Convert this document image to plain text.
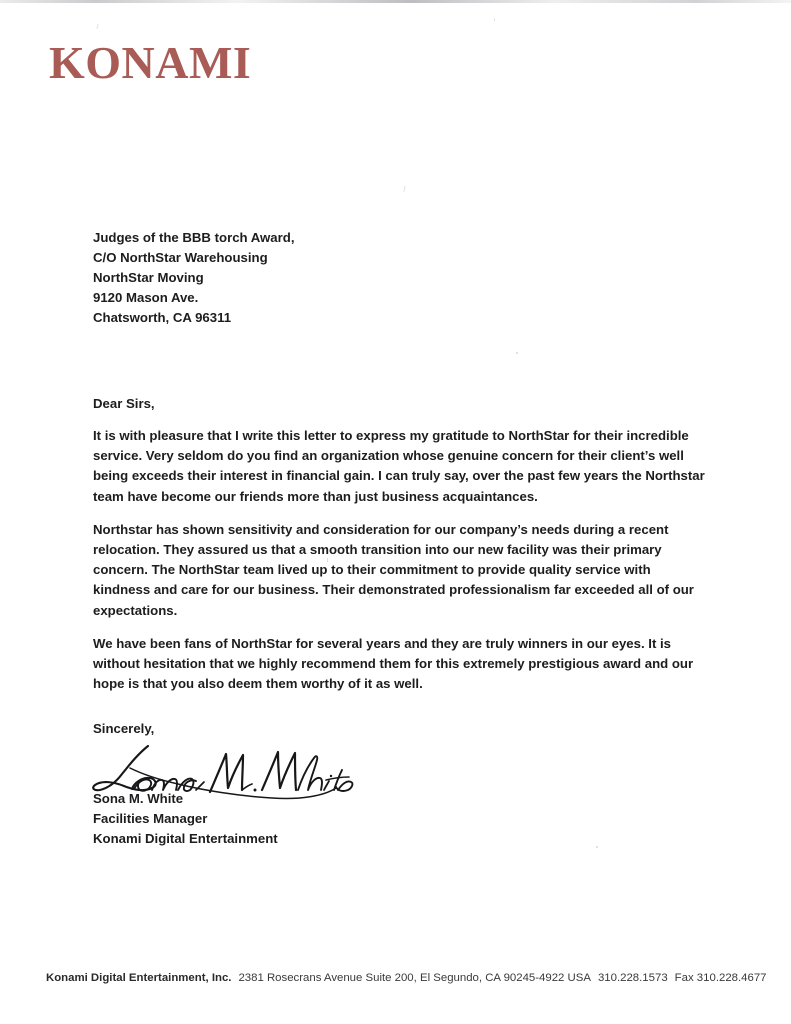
KONAMI
Judges of the BBB torch Award,
C/O NorthStar Warehousing
NorthStar Moving
9120 Mason Ave.
Chatsworth, CA 96311
Dear Sirs,

It is with pleasure that I write this letter to express my gratitude to NorthStar for their incredible service. Very seldom do you find an organization whose genuine concern for their client’s well being exceeds their interest in financial gain. I can truly say, over the past few years the Northstar team have become our friends more than just business acquaintances.

Northstar has shown sensitivity and consideration for our company’s needs during a recent relocation. They assured us that a smooth transition into our new facility was their primary concern. The NorthStar team lived up to their commitment to provide quality service with kindness and care for our business. Their demonstrated professionalism far exceeded all of our expectations.

We have been fans of NorthStar for several years and they are truly winners in our eyes. It is without hesitation that we highly recommend them for this extremely prestigious award and our hope is that you also deem them worthy of it as well.

Sincerely,
Sona M. White
Facilities Manager
Konami Digital Entertainment
Konami Digital Entertainment, Inc. 2381 Rosecrans Avenue Suite 200, El Segundo, CA 90245-4922 USA 310.228.1573 Fax 310.228.4677
